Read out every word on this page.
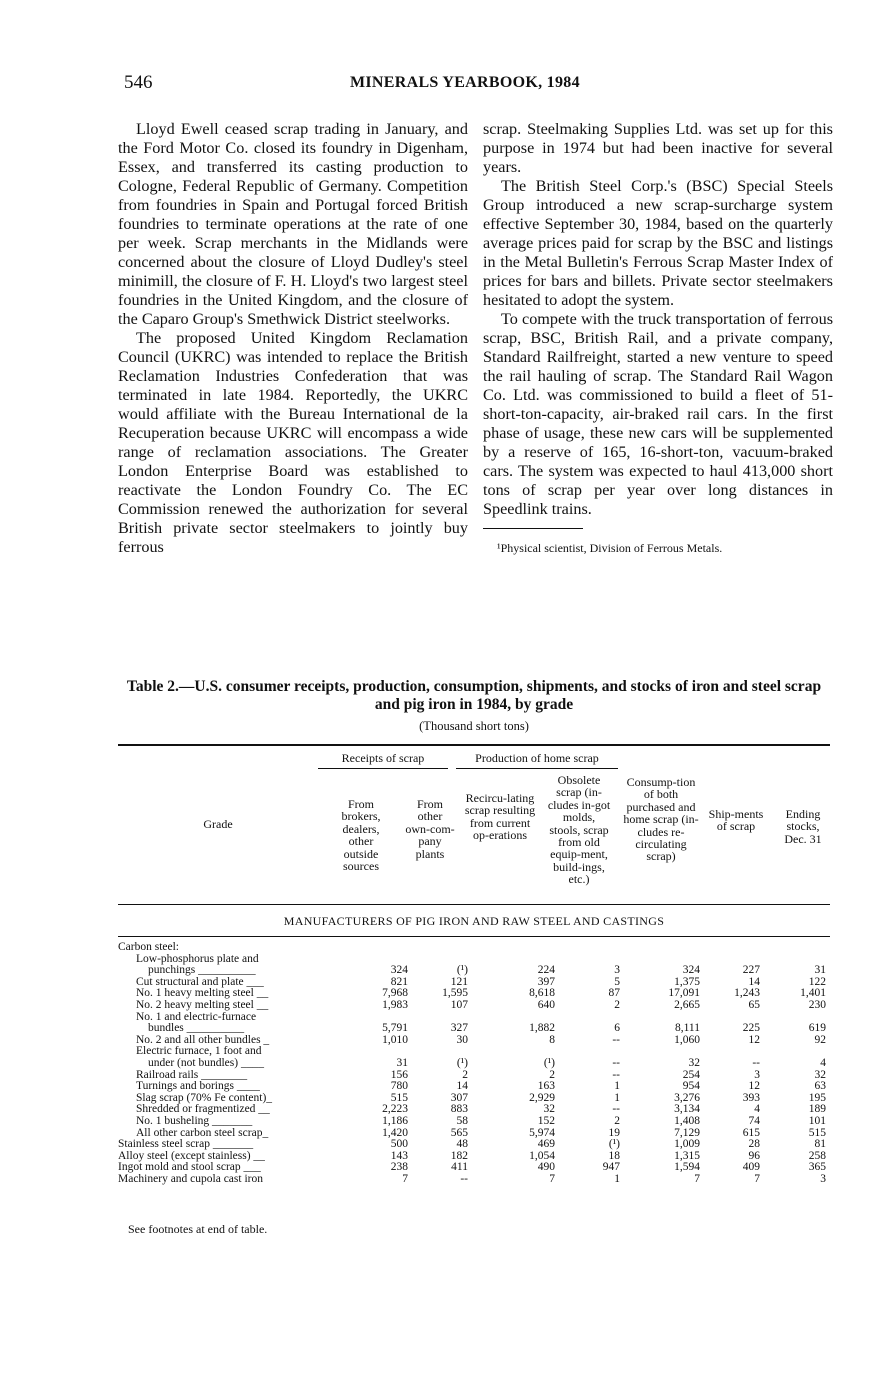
546	MINERALS YEARBOOK, 1984

Lloyd Ewell ceased scrap trading in January, and the Ford Motor Co. closed its foundry in Digenham, Essex, and transferred its casting production to Cologne, Federal Republic of Germany. Competition from foundries in Spain and Portugal forced British foundries to terminate operations at the rate of one per week. Scrap merchants in the Midlands were concerned about the closure of Lloyd Dudley's steel minimill, the closure of F. H. Lloyd's two largest steel foundries in the United Kingdom, and the closure of the Caparo Group's Smethwick District steelworks.

The proposed United Kingdom Reclamation Council (UKRC) was intended to replace the British Reclamation Industries Confederation that was terminated in late 1984. Reportedly, the UKRC would affiliate with the Bureau International de la Recuperation because UKRC will encompass a wide range of reclamation associations. The Greater London Enterprise Board was established to reactivate the London Foundry Co. The EC Commission renewed the authorization for several British private sector steelmakers to jointly buy ferrous

scrap. Steelmaking Supplies Ltd. was set up for this purpose in 1974 but had been inactive for several years.

The British Steel Corp.'s (BSC) Special Steels Group introduced a new scrap-surcharge system effective September 30, 1984, based on the quarterly average prices paid for scrap by the BSC and listings in the Metal Bulletin's Ferrous Scrap Master Index of prices for bars and billets. Private sector steelmakers hesitated to adopt the system.

To compete with the truck transportation of ferrous scrap, BSC, British Rail, and a private company, Standard Railfreight, started a new venture to speed the rail hauling of scrap. The Standard Rail Wagon Co. Ltd. was commissioned to build a fleet of 51-short-ton-capacity, air-braked rail cars. In the first phase of usage, these new cars will be supplemented by a reserve of 165, 16-short-ton, vacuum-braked cars. The system was expected to haul 413,000 short tons of scrap per year over long distances in Speedlink trains.

¹Physical scientist, Division of Ferrous Metals.
Table 2.—U.S. consumer receipts, production, consumption, shipments, and stocks of iron and steel scrap and pig iron in 1984, by grade
(Thousand short tons)
Receipts of scrap	Production of home scrap
Grade
From brokers, dealers, other outside sources
From other own-com-pany plants
Recircu-lating scrap resulting from current op-erations
Obsolete scrap (in-cludes in-got molds, stools, scrap from old equip-ment, build-ings, etc.)
Consump-tion of both purchased and home scrap (in-cludes re-circulating scrap)
Ship-ments of scrap
Ending stocks, Dec. 31
MANUFACTURERS OF PIG IRON AND RAW STEEL AND CASTINGS
Carbon steel:
Low-phosphorus plate and
punchings __________	324	(¹)	224	3	324	227	31
Cut structural and plate ___	821	121	397	5	1,375	14	122
No. 1 heavy melting steel __	7,968	1,595	8,618	87	17,091	1,243	1,401
No. 2 heavy melting steel __	1,983	107	640	2	2,665	65	230
No. 1 and electric-furnace
bundles __________	5,791	327	1,882	6	8,111	225	619
No. 2 and all other bundles _	1,010	30	8	--	1,060	12	92
Electric furnace, 1 foot and
under (not bundles) ____	31	(¹)	(¹)	--	32	--	4
Railroad rails ________	156	2	2	--	254	3	32
Turnings and borings ____	780	14	163	1	954	12	63
Slag scrap (70% Fe content)_	515	307	2,929	1	3,276	393	195
Shredded or fragmentized __	2,223	883	32	--	3,134	4	189
No. 1 busheling _______	1,186	58	152	2	1,408	74	101
All other carbon steel scrap_	1,420	565	5,974	19	7,129	615	515
Stainless steel scrap _______	500	48	469	(¹)	1,009	28	81
Alloy steel (except stainless) __	143	182	1,054	18	1,315	96	258
Ingot mold and stool scrap ___	238	411	490	947	1,594	409	365
Machinery and cupola cast iron	7	--	7	1	7	7	3
See footnotes at end of table.
